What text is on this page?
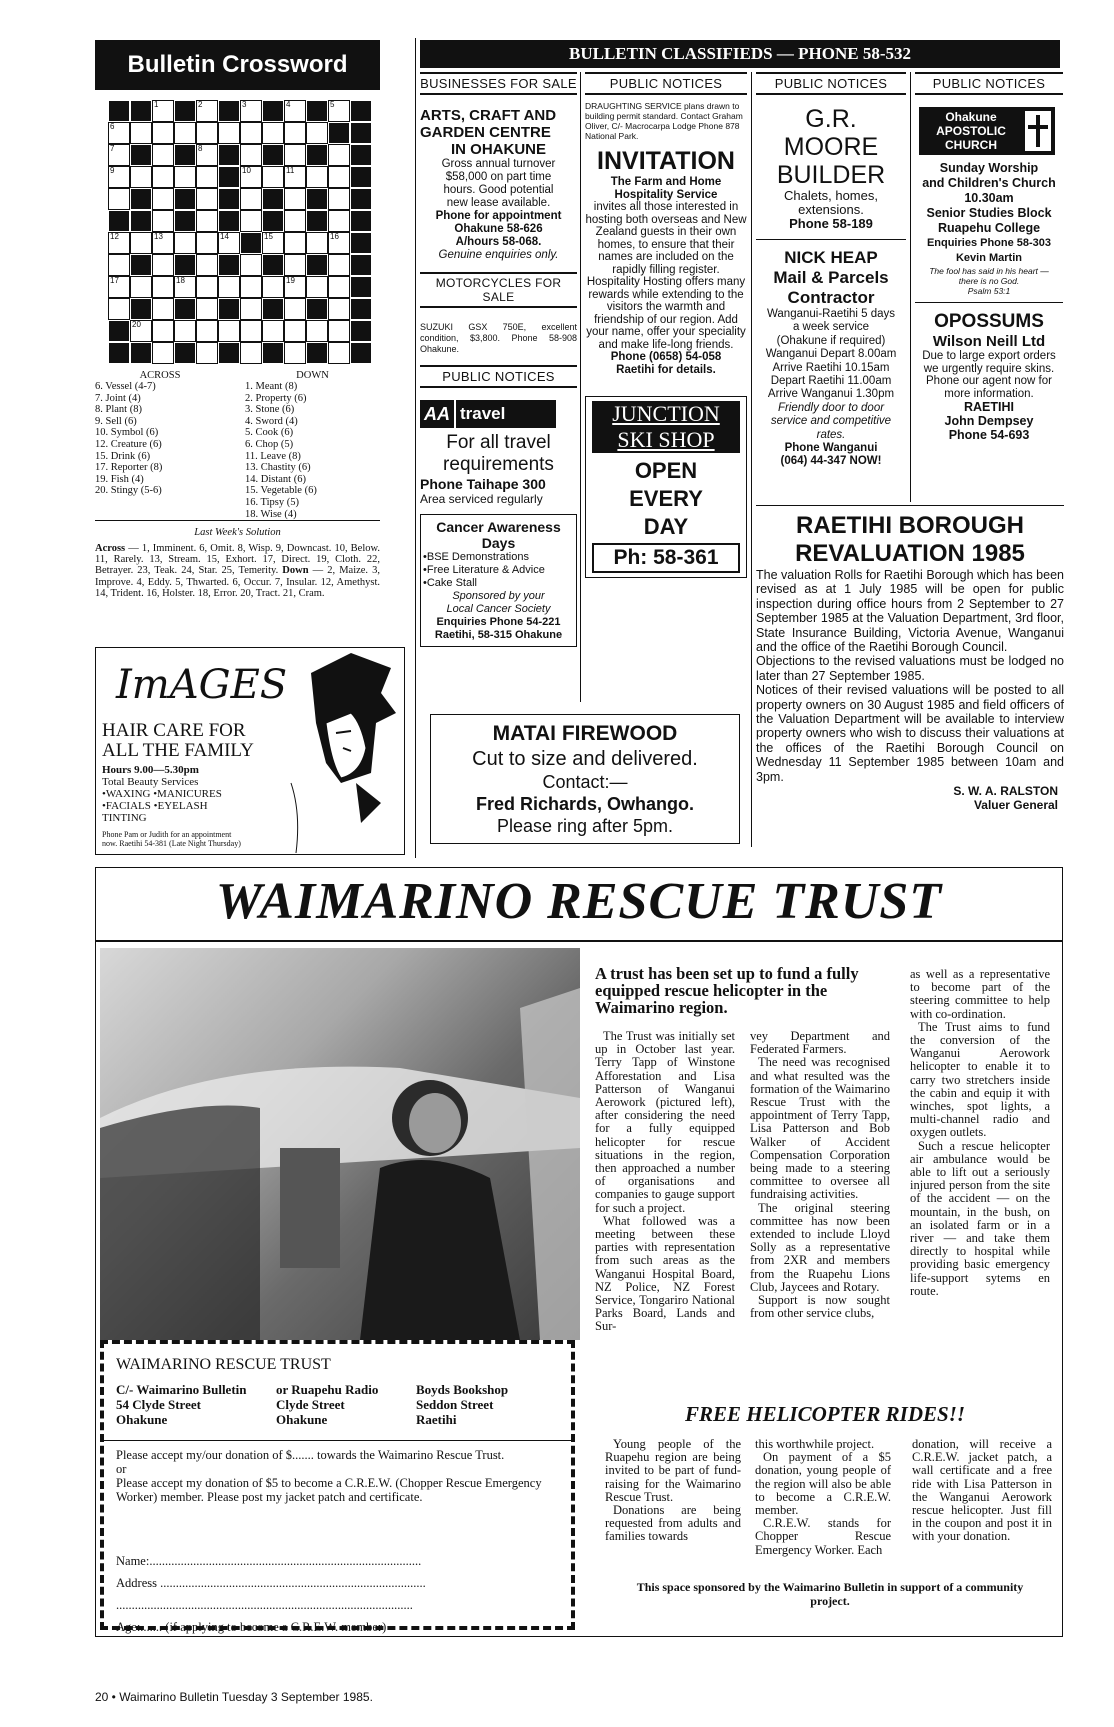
Bulletin Crossword
1	2	3	4	5
6
7	8
9	10	11
12	13	14	15	16
17	18	19
20
ACROSS
6. Vessel (4-7)
7. Joint (4)
8. Plant (8)
9. Sell (6)
10. Symbol (6)
12. Creature (6)
15. Drink (6)
17. Reporter (8)
19. Fish (4)
20. Stingy (5-6)
DOWN
1. Meant (8)
2. Property (6)
3. Stone (6)
4. Sword (4)
5. Cook (6)
6. Chop (5)
11. Leave (8)
13. Chastity (6)
14. Distant (6)
15. Vegetable (6)
16. Tipsy (5)
18. Wise (4)
Last Week's Solution
Across — 1, Imminent. 6, Omit. 8, Wisp. 9, Downcast. 10, Below. 11, Rarely. 13, Stream. 15, Exhort. 17, Direct. 19, Cloth. 22, Betrayer. 23, Teak. 24, Star. 25, Temerity. Down — 2, Maize. 3, Improve. 4, Eddy. 5, Thwarted. 6, Occur. 7, Insular. 12, Amethyst. 14, Trident. 16, Holster. 18, Error. 20, Tract. 21, Cram.
ImAGES
HAIR CARE FOR
ALL THE FAMILY
Hours 9.00—5.30pm
Total Beauty Services
•WAXING •MANICURES
•FACIALS •EYELASH
TINTING
Phone Pam or Judith for an appointment
now. Raetihi 54-381 (Late Night Thursday)
BULLETIN CLASSIFIEDS — PHONE 58-532
BUSINESSES FOR SALE
ARTS, CRAFT AND
GARDEN CENTRE
IN OHAKUNE
Gross annual turnover
$58,000 on part time
hours. Good potential
new lease available.
Phone for appointment
Ohakune 58-626
A/hours 58-068.
Genuine enquiries only.
MOTORCYCLES FOR
SALE
SUZUKI GSX 750E, excellent condition, $3,800. Phone 58-908 Ohakune.
PUBLIC NOTICES
AA travel
For all travel
requirements
Phone Taihape 300
Area serviced regularly
Cancer Awareness
Days
•BSE Demonstrations
•Free Literature & Advice
•Cake Stall
Sponsored by your
Local Cancer Society
Enquiries Phone 54-221
Raetihi, 58-315 Ohakune
PUBLIC NOTICES
DRAUGHTING SERVICE plans drawn to building permit standard. Contact Graham Oliver, C/- Macrocarpa Lodge Phone 878 National Park.
INVITATION
The Farm and Home
Hospitality Service
invites all those interested in hosting both overseas and New Zealand guests in their own homes, to ensure that their names are included on the rapidly filling register. Hospitality Hosting offers many rewards while extending to the visitors the warmth and friendship of our region. Add your name, offer your speciality and make life-long friends.
Phone (0658) 54-058
Raetihi for details.
JUNCTION
SKI SHOP
OPEN
EVERY
DAY
Ph: 58-361
PUBLIC NOTICES
G.R. MOORE
BUILDER
Chalets, homes,
extensions.
Phone 58-189
NICK HEAP
Mail & Parcels
Contractor
Wanganui-Raetihi 5 days
a week service
(Ohakune if required)
Wanganui Depart 8.00am
Arrive Raetihi 10.15am
Depart Raetihi 11.00am
Arrive Wanganui 1.30pm
Friendly door to door
service and competitive
rates.
Phone Wanganui
(064) 44-347 NOW!
PUBLIC NOTICES
Ohakune
APOSTOLIC
CHURCH
Sunday Worship
and Children's Church
10.30am
Senior Studies Block
Ruapehu College
Enquiries Phone 58-303
Kevin Martin
The fool has said in his heart —
there is no God.
Psalm 53:1
OPOSSUMS
Wilson Neill Ltd
Due to large export orders we urgently require skins. Phone our agent now for more information.
RAETIHI
John Dempsey
Phone 54-693
MATAI FIREWOOD
Cut to size and delivered.
Contact:—
Fred Richards, Owhango.
Please ring after 5pm.
RAETIHI BOROUGH
REVALUATION 1985

The valuation Rolls for Raetihi Borough which has been revised as at 1 July 1985 will be open for public inspection during office hours from 2 September to 27 September 1985 at the Valuation Department, 3rd floor, State Insurance Building, Victoria Avenue, Wanganui and the office of the Raetihi Borough Council.

Objections to the revised valuations must be lodged no later than 27 September 1985.

Notices of their revised valuations will be posted to all property owners on 30 August 1985 and field officers of the Valuation Department will be available to interview property owners who wish to discuss their valuations at the offices of the Raetihi Borough Council on Wednesday 11 September 1985 between 10am and 3pm.

S. W. A. RALSTON
Valuer General
WAIMARINO RESCUE TRUST
WAIMARINO RESCUE TRUST
C/- Waimarino Bulletin
54 Clyde Street
Ohakune
or Ruapehu Radio
Clyde Street
Ohakune
Boyds Bookshop
Seddon Street
Raetihi

Please accept my/our donation of $....... towards the Waimarino Rescue Trust.

or

Please accept my donation of $5 to become a C.R.E.W. (Chopper Rescue Emergency Worker) member. Please post my jacket patch and certificate.

Name:.......................................................................................
Address .....................................................................................
...............................................................................................
Age:....... (if applying to become a C.R.E.W. member)
A trust has been set up to fund a fully equipped rescue helicopter in the Waimarino region.

The Trust was initially set up in October last year. Terry Tapp of Winstone Afforestation and Lisa Patterson of Wanganui Aerowork (pictured left), after considering the need for a fully equipped helicopter for rescue situations in the region, then approached a number of organisations and companies to gauge support for such a project.

What followed was a meeting between these parties with representation from such areas as the Wanganui Hospital Board, NZ Police, NZ Forest Service, Tongariro National Parks Board, Lands and Sur-

vey Department and Federated Farmers.

The need was recognised and what resulted was the formation of the Waimarino Rescue Trust with the appointment of Terry Tapp, Lisa Patterson and Bob Walker of Accident Compensation Corporation being made to a steering committee to oversee all fundraising activities.

The original steering committee has now been extended to include Lloyd Solly as a representative from 2XR and members from the Ruapehu Lions Club, Jaycees and Rotary.

Support is now sought from other service clubs,

as well as a representative to become part of the steering committee to help with co-ordination.

The Trust aims to fund the conversion of the Wanganui Aerowork helicopter to enable it to carry two stretchers inside the cabin and equip it with winches, spot lights, a multi-channel radio and oxygen outlets.

Such a rescue helicopter air ambulance would be able to lift out a seriously injured person from the site of the accident — on the mountain, in the bush, on an isolated farm or in a river — and take them directly to hospital while providing basic emergency life-support sytems en route.

FREE HELICOPTER RIDES!!

Young people of the Ruapehu region are being invited to be part of fund-raising for the Waimarino Rescue Trust.

Donations are being requested from adults and families towards

this worthwhile project.

On payment of a $5 donation, young people of the region will also be able to become a C.R.E.W. member.

C.R.E.W. stands for Chopper Rescue Emergency Worker. Each

donation, will receive a C.R.E.W. jacket patch, a wall certificate and a free ride with Lisa Patterson in the Wanganui Aerowork rescue helicopter. Just fill in the coupon and post it in with your donation.

This space sponsored by the Waimarino Bulletin in support of a community project.
20 • Waimarino Bulletin Tuesday 3 September 1985.
